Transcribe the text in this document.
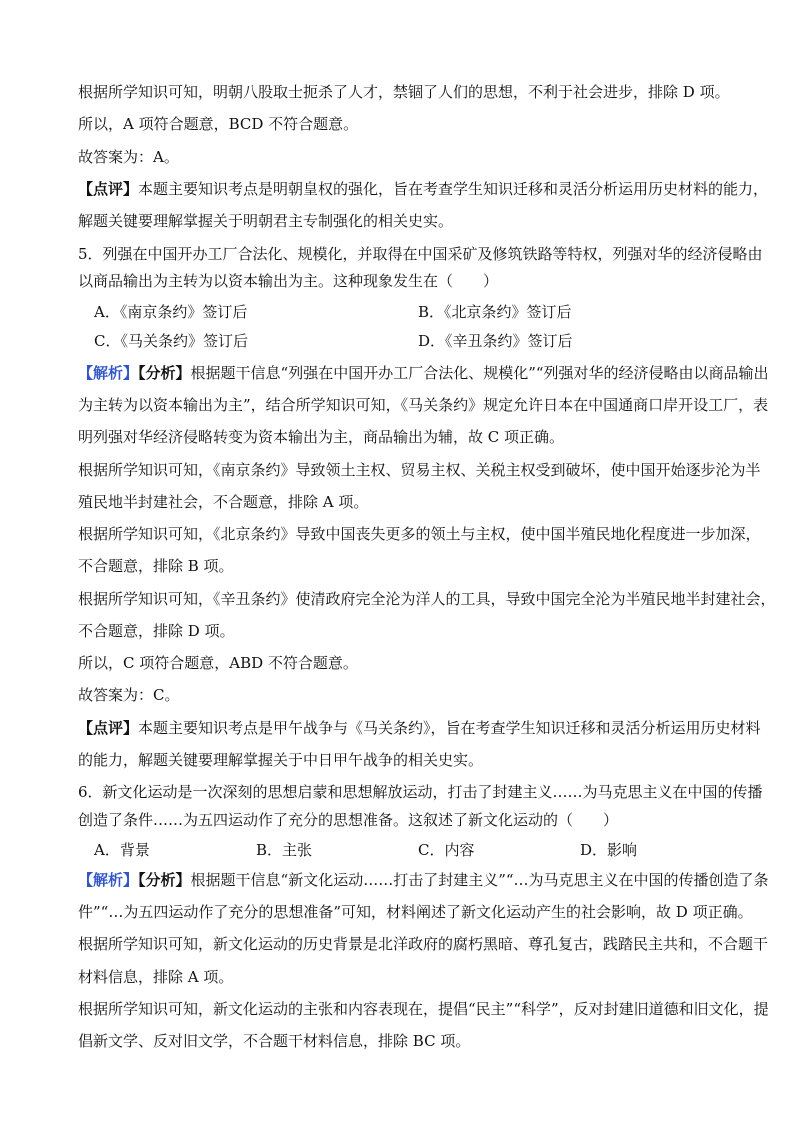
根据所学知识可知，明朝八股取士扼杀了人才，禁锢了人们的思想，不利于社会进步，排除 D 项。
所以，A 项符合题意，BCD 不符合题意。
故答案为：A。
【点评】本题主要知识考点是明朝皇权的强化，旨在考查学生知识迁移和灵活分析运用历史材料的能力，
解题关键要理解掌握关于明朝君主专制强化的相关史实。
5．列强在中国开办工厂合法化、规模化，并取得在中国采矿及修筑铁路等特权，列强对华的经济侵略由
以商品输出为主转为以资本输出为主。这种现象发生在（　　）
A．《南京条约》签订后	B．《北京条约》签订后
C．《马关条约》签订后	D．《辛丑条约》签订后
【解析】【分析】根据题干信息“列强在中国开办工厂合法化、规模化”“列强对华的经济侵略由以商品输出
为主转为以资本输出为主”，结合所学知识可知，《马关条约》规定允许日本在中国通商口岸开设工厂，表
明列强对华经济侵略转变为资本输出为主，商品输出为辅，故 C 项正确。
根据所学知识可知，《南京条约》导致领土主权、贸易主权、关税主权受到破坏，使中国开始逐步沦为半
殖民地半封建社会，不合题意，排除 A 项。
根据所学知识可知，《北京条约》导致中国丧失更多的领土与主权，使中国半殖民地化程度进一步加深，
不合题意，排除 B 项。
根据所学知识可知，《辛丑条约》使清政府完全沦为洋人的工具，导致中国完全沦为半殖民地半封建社会，
不合题意，排除 D 项。
所以，C 项符合题意，ABD 不符合题意。
故答案为：C。
【点评】本题主要知识考点是甲午战争与《马关条约》，旨在考查学生知识迁移和灵活分析运用历史材料
的能力，解题关键要理解掌握关于中日甲午战争的相关史实。
6．新文化运动是一次深刻的思想启蒙和思想解放运动，打击了封建主义……为马克思主义在中国的传播
创造了条件……为五四运动作了充分的思想准备。这叙述了新文化运动的（　　）
A．背景	B．主张	C．内容	D．影响
【解析】【分析】根据题干信息“新文化运动……打击了封建主义”“…为马克思主义在中国的传播创造了条
件”“…为五四运动作了充分的思想准备”可知，材料阐述了新文化运动产生的社会影响，故 D 项正确。
根据所学知识可知，新文化运动的历史背景是北洋政府的腐朽黑暗、尊孔复古，践踏民主共和，不合题干
材料信息，排除 A 项。
根据所学知识可知，新文化运动的主张和内容表现在，提倡“民主”“科学”，反对封建旧道德和旧文化，提
倡新文学、反对旧文学，不合题干材料信息，排除 BC 项。
